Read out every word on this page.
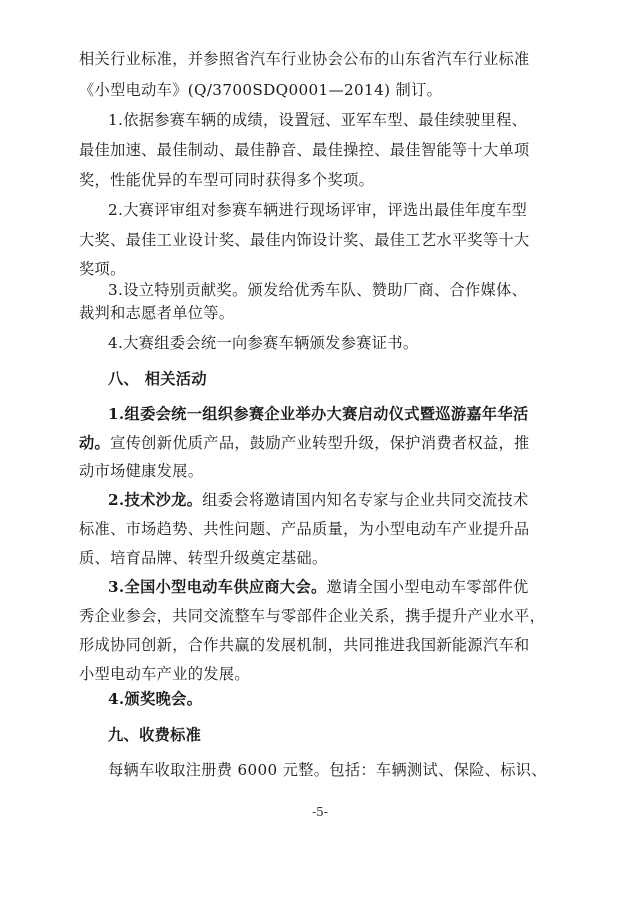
相关行业标准，并参照省汽车行业协会公布的山东省汽车行业标准
《小型电动车》(Q/3700SDQ0001—2014) 制订。
1.依据参赛车辆的成绩，设置冠、亚军车型、最佳续驶里程、
最佳加速、最佳制动、最佳静音、最佳操控、最佳智能等十大单项
奖，性能优异的车型可同时获得多个奖项。
2.大赛评审组对参赛车辆进行现场评审，评选出最佳年度车型
大奖、最佳工业设计奖、最佳内饰设计奖、最佳工艺水平奖等十大
奖项。
3.设立特别贡献奖。颁发给优秀车队、赞助厂商、合作媒体、
裁判和志愿者单位等。
4.大赛组委会统一向参赛车辆颁发参赛证书。
八、 相关活动
1.组委会统一组织参赛企业举办大赛启动仪式暨巡游嘉年华活
动。宣传创新优质产品，鼓励产业转型升级，保护消费者权益，推
动市场健康发展。
2.技术沙龙。组委会将邀请国内知名专家与企业共同交流技术
标准、市场趋势、共性问题、产品质量，为小型电动车产业提升品
质、培育品牌、转型升级奠定基础。
3.全国小型电动车供应商大会。邀请全国小型电动车零部件优
秀企业参会，共同交流整车与零部件企业关系，携手提升产业水平，
形成协同创新，合作共赢的发展机制，共同推进我国新能源汽车和
小型电动车产业的发展。
4.颁奖晚会。
九、收费标准
每辆车收取注册费 6000 元整。包括：车辆测试、保险、标识、
-5-
